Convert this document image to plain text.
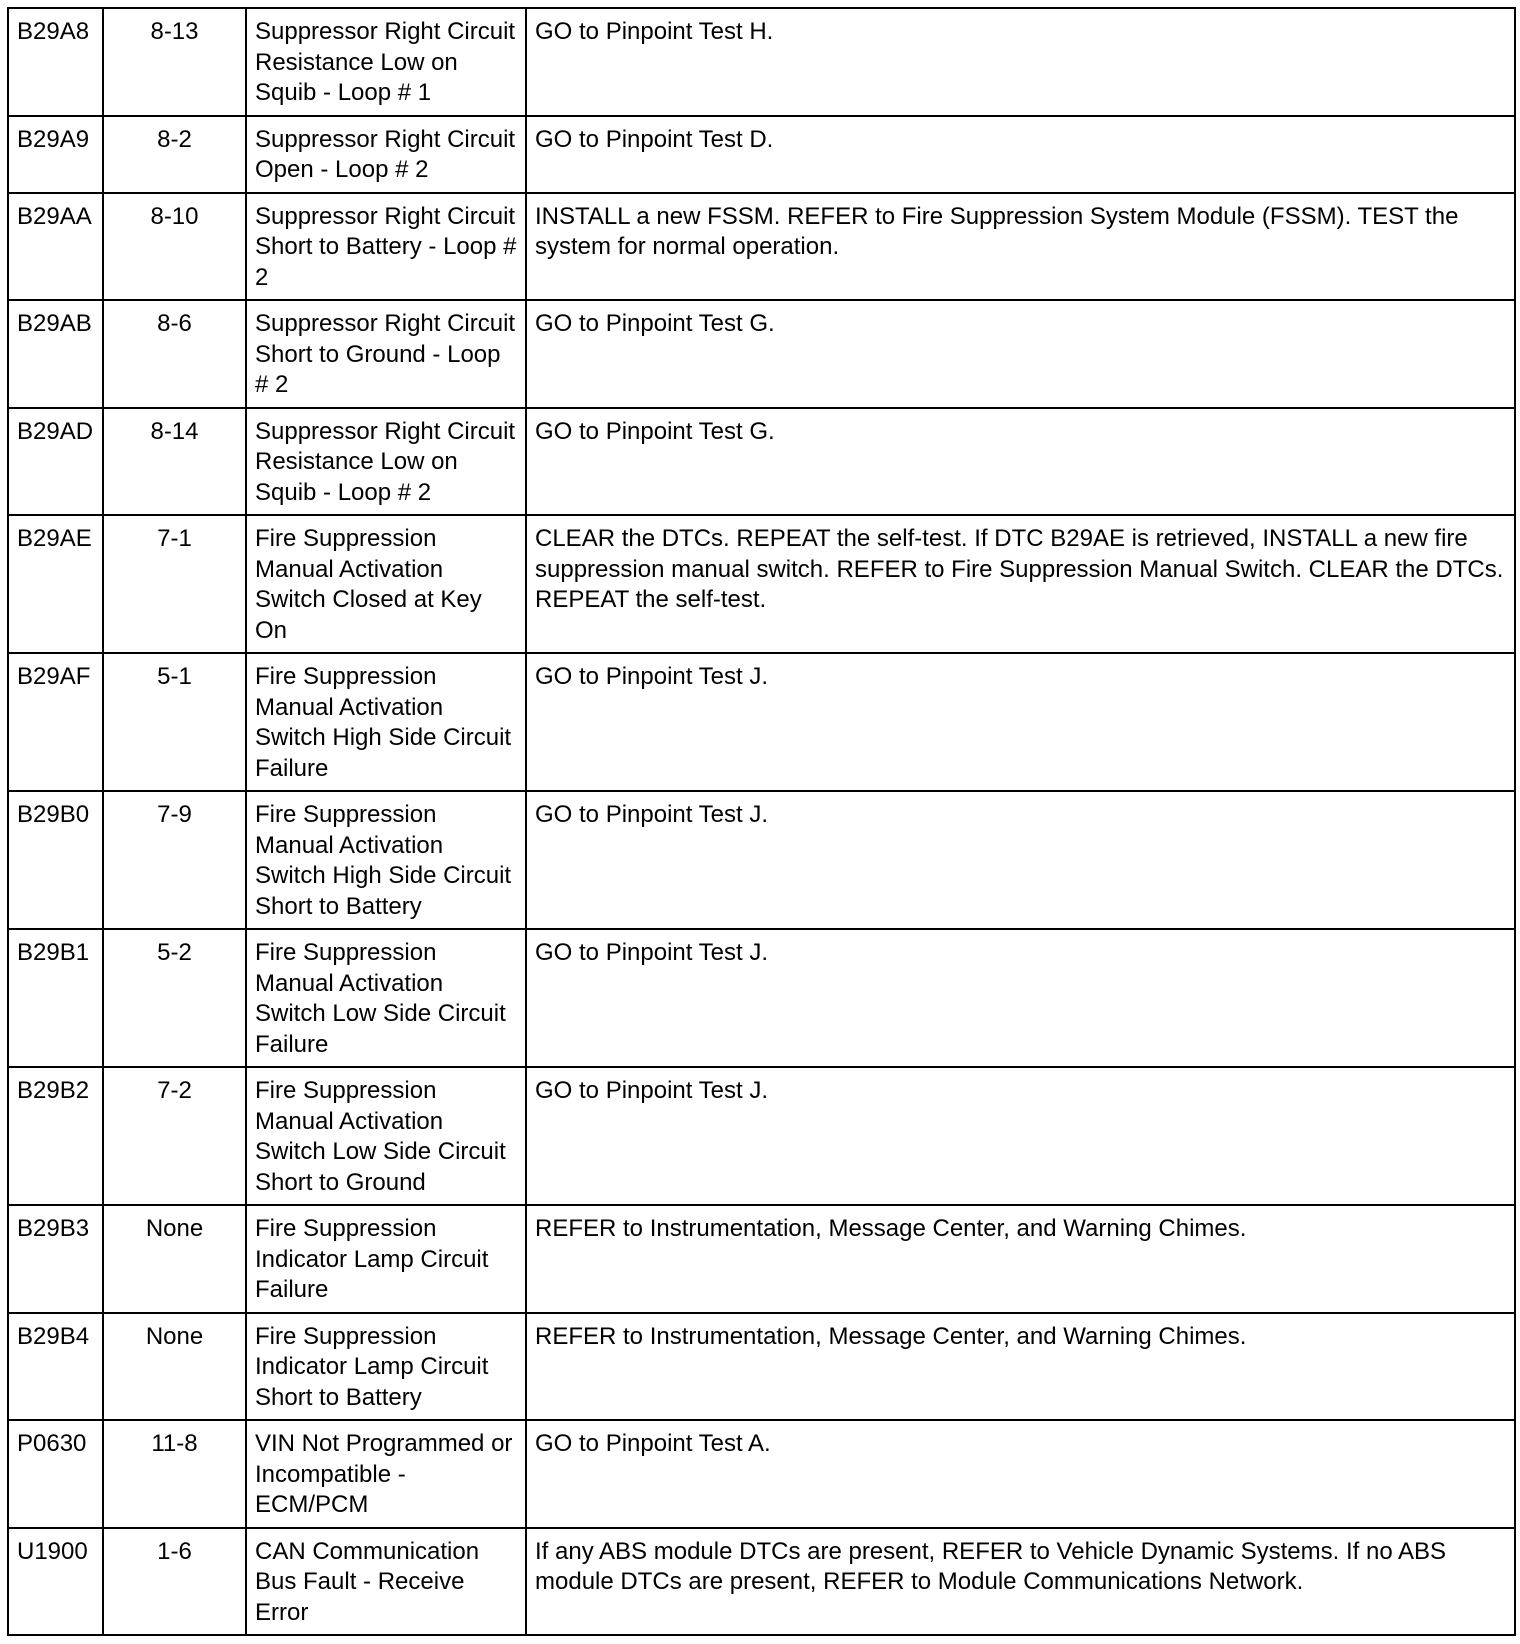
B29A8	8-13	Suppressor Right Circuit Resistance Low on Squib - Loop # 1	GO to Pinpoint Test H.
B29A9	8-2	Suppressor Right Circuit Open - Loop # 2	GO to Pinpoint Test D.
B29AA	8-10	Suppressor Right Circuit Short to Battery - Loop # 2	INSTALL a new FSSM. REFER to Fire Suppression System Module (FSSM). TEST the system for normal operation.
B29AB	8-6	Suppressor Right Circuit Short to Ground - Loop # 2	GO to Pinpoint Test G.
B29AD	8-14	Suppressor Right Circuit Resistance Low on Squib - Loop # 2	GO to Pinpoint Test G.
B29AE	7-1	Fire Suppression Manual Activation Switch Closed at Key On	CLEAR the DTCs. REPEAT the self-test. If DTC B29AE is retrieved, INSTALL a new fire suppression manual switch. REFER to Fire Suppression Manual Switch. CLEAR the DTCs. REPEAT the self-test.
B29AF	5-1	Fire Suppression Manual Activation Switch High Side Circuit Failure	GO to Pinpoint Test J.
B29B0	7-9	Fire Suppression Manual Activation Switch High Side Circuit Short to Battery	GO to Pinpoint Test J.
B29B1	5-2	Fire Suppression Manual Activation Switch Low Side Circuit Failure	GO to Pinpoint Test J.
B29B2	7-2	Fire Suppression Manual Activation Switch Low Side Circuit Short to Ground	GO to Pinpoint Test J.
B29B3	None	Fire Suppression Indicator Lamp Circuit Failure	REFER to Instrumentation, Message Center, and Warning Chimes.
B29B4	None	Fire Suppression Indicator Lamp Circuit Short to Battery	REFER to Instrumentation, Message Center, and Warning Chimes.
P0630	11-8	VIN Not Programmed or Incompatible - ECM/PCM	GO to Pinpoint Test A.
U1900	1-6	CAN Communication Bus Fault - Receive Error	If any ABS module DTCs are present, REFER to Vehicle Dynamic Systems. If no ABS module DTCs are present, REFER to Module Communications Network.
